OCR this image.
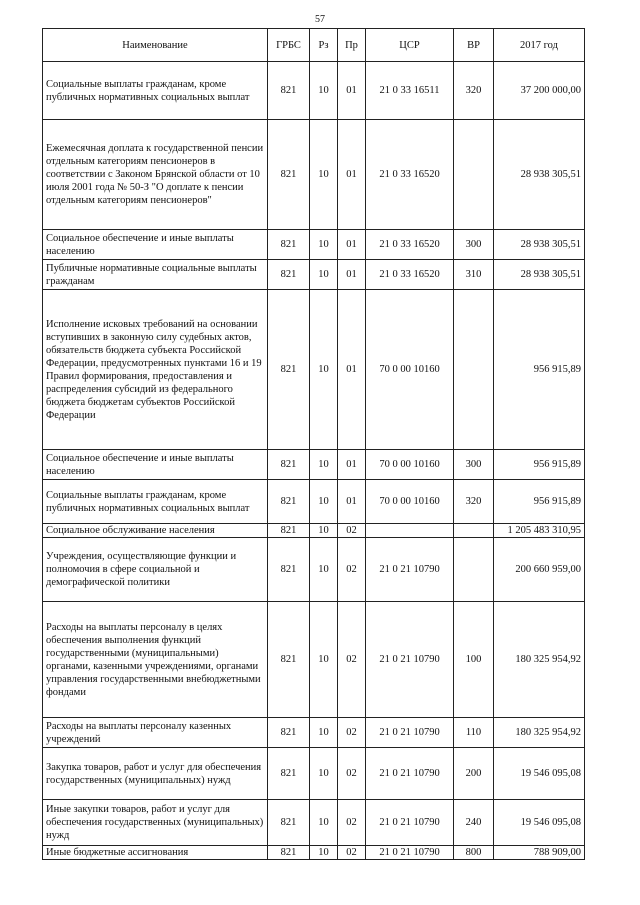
57
Наименование	ГРБС	Рз	Пр	ЦСР	ВР	2017 год
Социальные выплаты гражданам, кроме публичных нормативных социальных выплат	821	10	01	21 0 33 16511	320	37 200 000,00
Ежемесячная доплата к государственной пенсии отдельным категориям пенсионеров в соответствии с Законом Брянской области от 10 июля 2001 года № 50-З "О доплате к пенсии отдельным категориям пенсионеров"	821	10	01	21 0 33 16520		28 938 305,51
Социальное обеспечение и иные выплаты населению	821	10	01	21 0 33 16520	300	28 938 305,51
Публичные нормативные социальные выплаты гражданам	821	10	01	21 0 33 16520	310	28 938 305,51
Исполнение исковых требований на основании вступивших в законную силу судебных актов, обязательств бюджета субъекта Российской Федерации, предусмотренных пунктами 16 и 19 Правил формирования, предоставления и распределения субсидий из федерального бюджета бюджетам субъектов Российской Федерации	821	10	01	70 0 00 10160		956 915,89
Социальное обеспечение и иные выплаты населению	821	10	01	70 0 00 10160	300	956 915,89
Социальные выплаты гражданам, кроме публичных нормативных социальных выплат	821	10	01	70 0 00 10160	320	956 915,89
Социальное обслуживание населения	821	10	02			1 205 483 310,95
Учреждения, осуществляющие функции и полномочия в сфере социальной и демографической политики	821	10	02	21 0 21 10790		200 660 959,00
Расходы на выплаты персоналу в целях обеспечения выполнения функций государственными (муниципальными) органами, казенными учреждениями, органами управления государственными внебюджетными фондами	821	10	02	21 0 21 10790	100	180 325 954,92
Расходы на выплаты персоналу казенных учреждений	821	10	02	21 0 21 10790	110	180 325 954,92
Закупка товаров, работ и услуг для обеспечения государственных (муниципальных) нужд	821	10	02	21 0 21 10790	200	19 546 095,08
Иные закупки товаров, работ и услуг для обеспечения государственных (муниципальных) нужд	821	10	02	21 0 21 10790	240	19 546 095,08
Иные бюджетные ассигнования	821	10	02	21 0 21 10790	800	788 909,00
